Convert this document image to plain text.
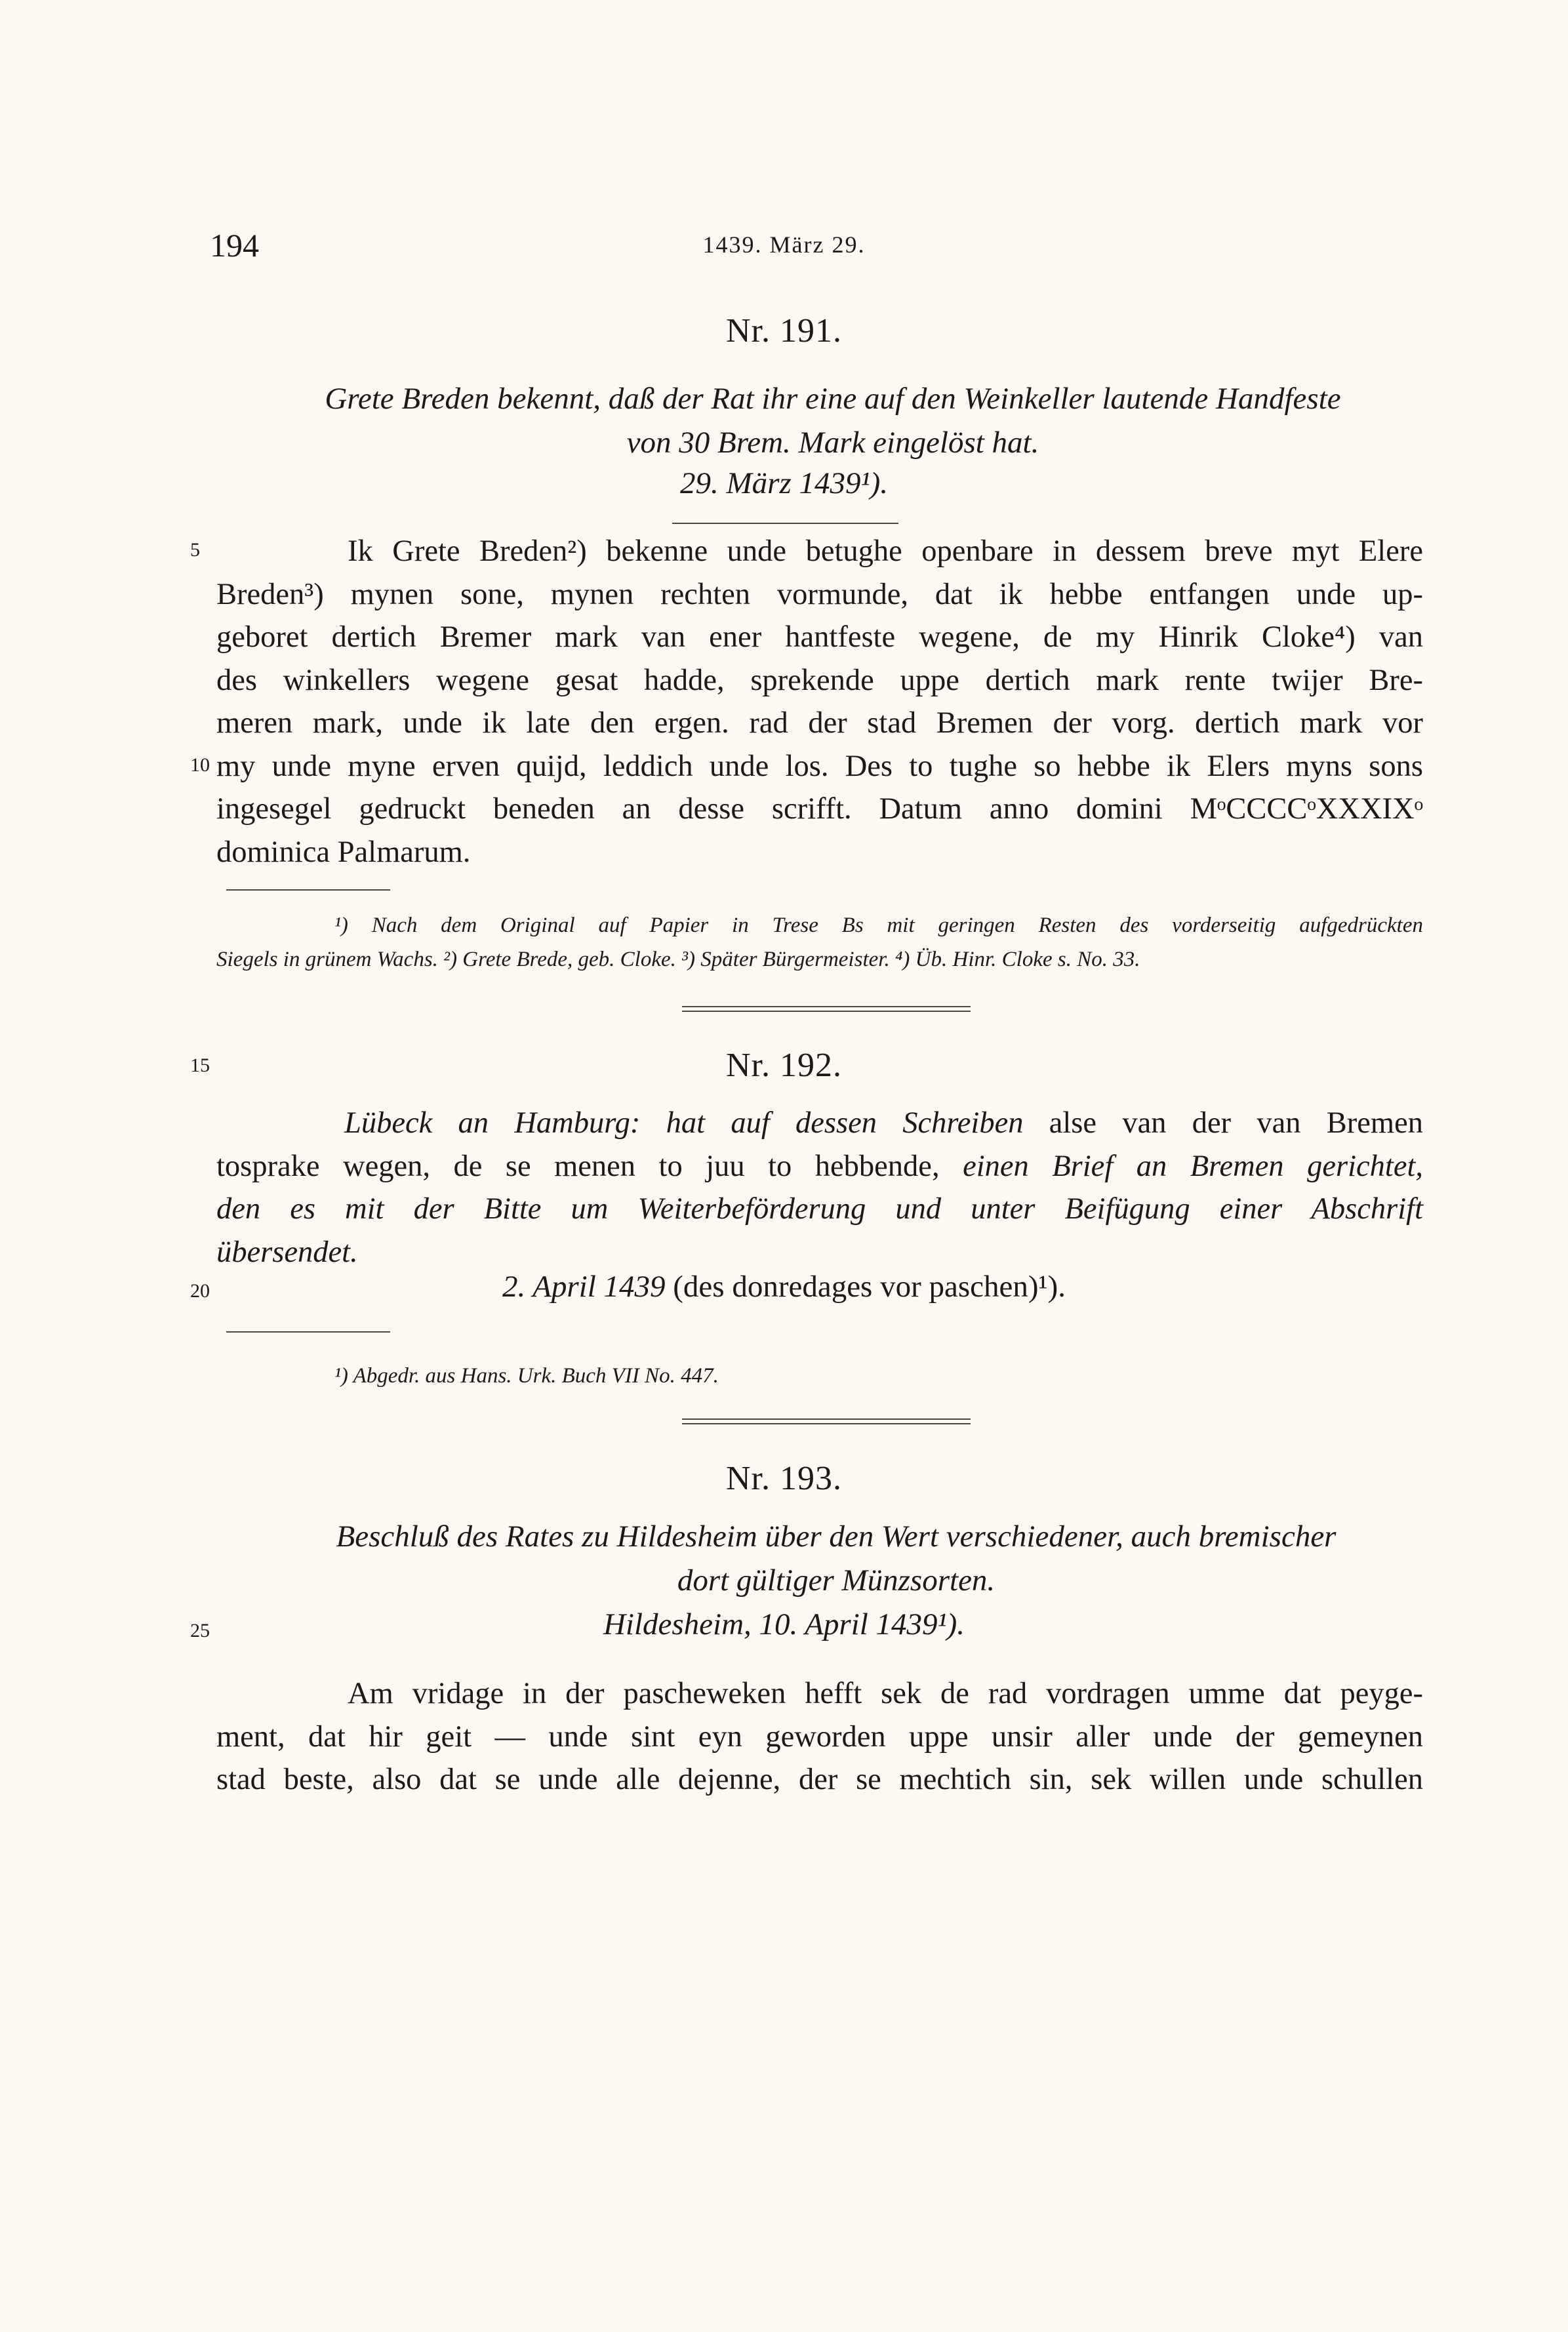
194	1439. März 29.
5
10
15
20
25
Nr. 191.
Grete Breden bekennt, daß der Rat ihr eine auf den Weinkeller lautende Handfeste
von 30 Brem. Mark eingelöst hat.
29. März 1439¹).
Ik Grete Breden²) bekenne unde betughe openbare in dessem breve myt Elere
Breden³) mynen sone, mynen rechten vormunde, dat ik hebbe entfangen unde up-
geboret dertich Bremer mark van ener hantfeste wegene, de my Hinrik Cloke⁴) van
des winkellers wegene gesat hadde, sprekende uppe dertich mark rente twijer Bre-
meren mark, unde ik late den ergen. rad der stad Bremen der vorg. dertich mark vor
my unde myne erven quijd, leddich unde los. Des to tughe so hebbe ik Elers myns sons
ingesegel gedruckt beneden an desse scrifft. Datum anno domini MᵒCCCCᵒXXXIXᵒ
dominica Palmarum.
¹) Nach dem Original auf Papier in Trese Bs mit geringen Resten des vorderseitig aufgedrückten
Siegels in grünem Wachs. ²) Grete Brede, geb. Cloke. ³) Später Bürgermeister. ⁴) Üb. Hinr. Cloke s. No. 33.
Nr. 192.
Lübeck an Hamburg: hat auf dessen Schreiben alse van der van Bremen
tosprake wegen, de se menen to juu to hebbende, einen Brief an Bremen gerichtet,
den es mit der Bitte um Weiterbeförderung und unter Beifügung einer Abschrift
übersendet.
2. April 1439 (des donredages vor paschen)¹).
¹) Abgedr. aus Hans. Urk. Buch VII No. 447.
Nr. 193.
Beschluß des Rates zu Hildesheim über den Wert verschiedener, auch bremischer
dort gültiger Münzsorten.
Hildesheim, 10. April 1439¹).
Am vridage in der pascheweken hefft sek de rad vordragen umme dat peyge-
ment, dat hir geit — unde sint eyn geworden uppe unsir aller unde der gemeynen
stad beste, also dat se unde alle dejenne, der se mechtich sin, sek willen unde schullen
